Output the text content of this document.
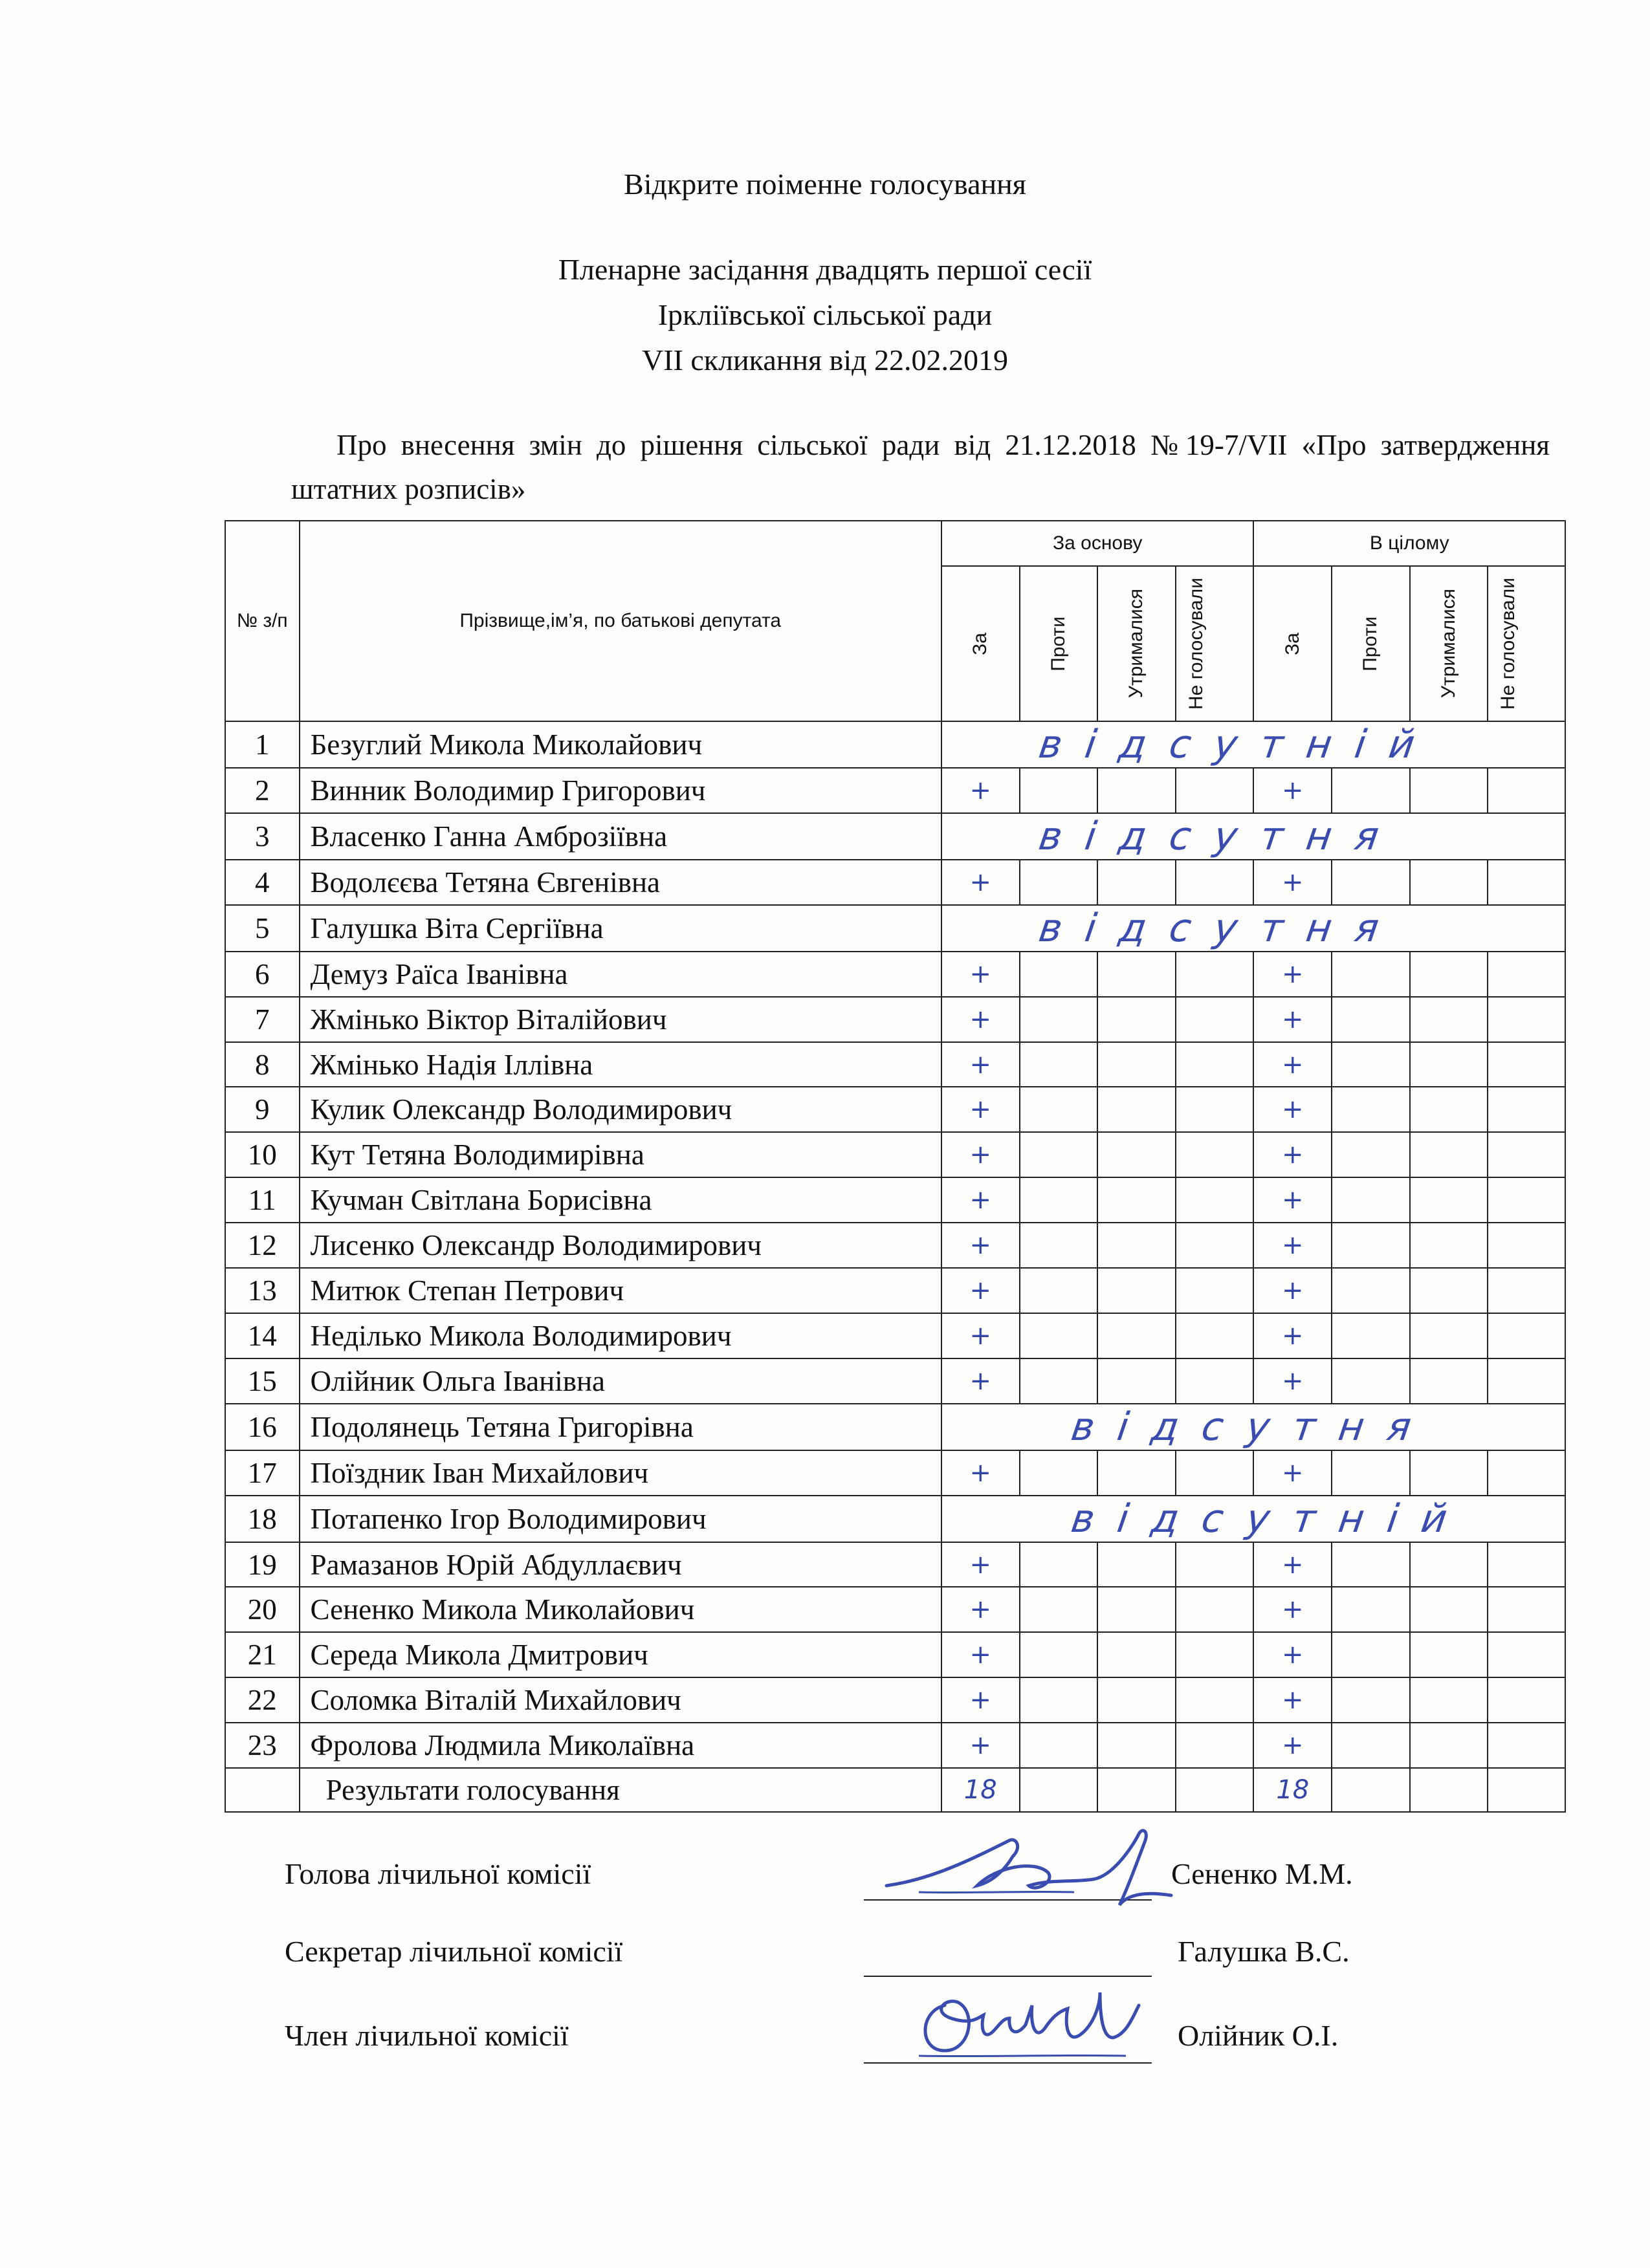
Відкрите поіменне голосування
Пленарне засідання двадцять першої сесії
Ірклiївської сільської ради
VII скликання від 22.02.2019
Про внесення змін до рішення сільської ради від 21.12.2018 №19-7/VII «Про затвердження штатних розписів»
№ з/п	Прізвище,ім’я, по батькові депутата	За основу				В цілому			

		За	Проти	Утрималися	Не голосували	За	Проти	Утрималися	Не голосували

1	Безуглий Микола Миколайович	відсутній							

2	Винник Володимир Григорович	+				+			
3	Власенко Ганна Амброзіївна	відсутня							

4	Водолєєва Тетяна Євгенівна	+				+			
5	Галушка Віта Сергіївна	відсутня							

6	Демуз Раїса Іванівна	+				+			
7	Жмінько Віктор Віталійович	+				+			
8	Жмінько Надія Іллівна	+				+			
9	Кулик Олександр Володимирович	+				+			
10	Кут Тетяна Володимирівна	+				+			
11	Кучман Світлана Борисівна	+				+			
12	Лисенко Олександр Володимирович	+				+			
13	Митюк Степан Петрович	+				+			
14	Неділько Микола Володимирович	+				+			
15	Олійник Ольга Іванівна	+				+			
16	Подолянець Тетяна Григорівна	відсутня							

17	Поїздник Іван Михайлович	+				+			
18	Потапенко Ігор Володимирович	відсутній							

19	Рамазанов Юрій Абдуллаєвич	+				+			
20	Сененко Микола Миколайович	+				+			
21	Середа Микола Дмитрович	+				+			
22	Соломка Віталій Михайлович	+				+			
23	Фролова Людмила Миколаївна	+				+			
	Результати голосування	18				18			
Голова лічильної комісії	Сененко М.М.
Секретар лічильної комісії	Галушка В.С.
Член лічильної комісії	Олійник О.І.
